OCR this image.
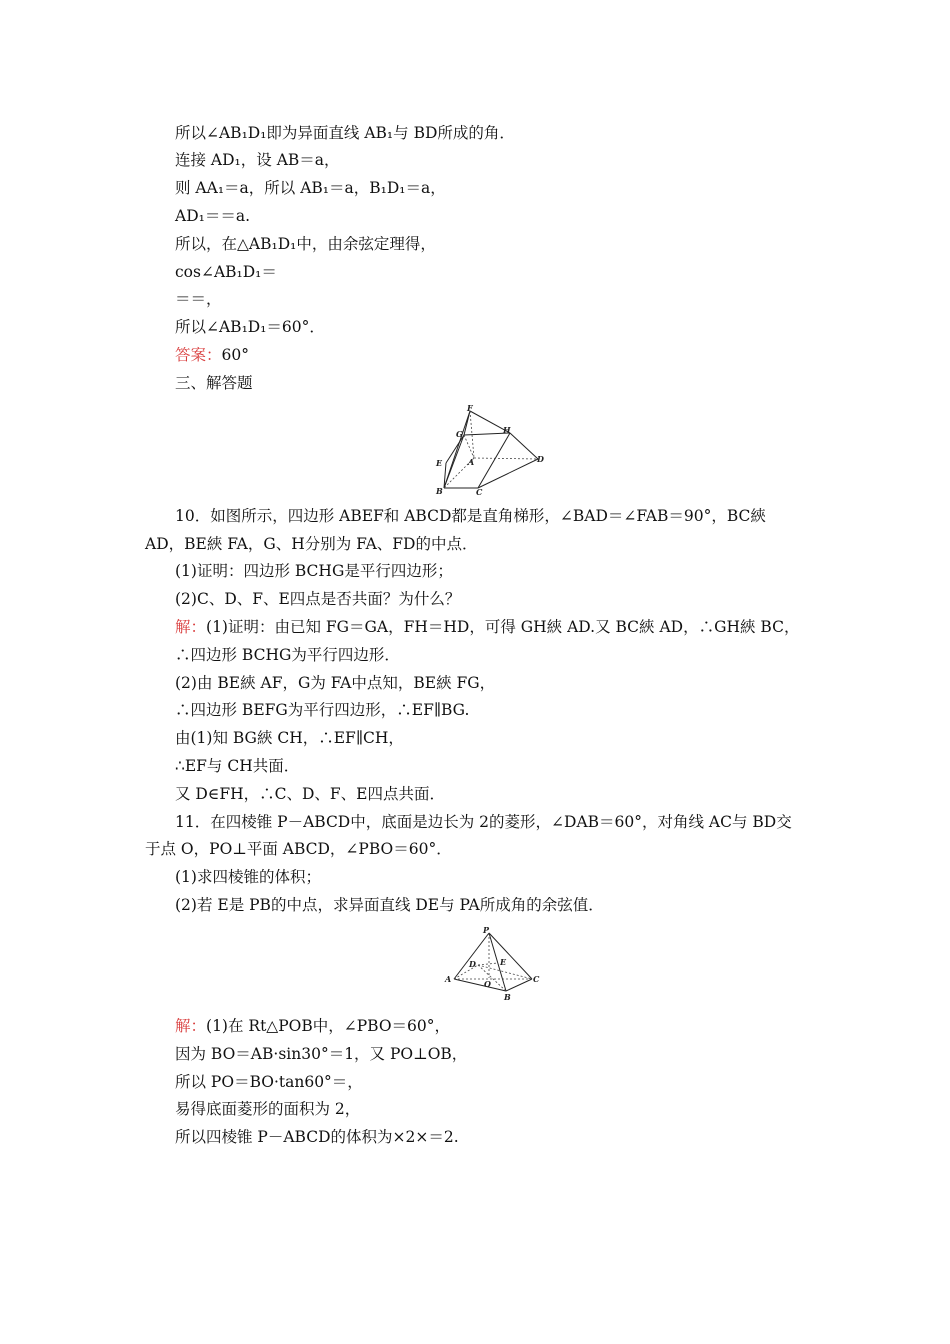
所以∠AB₁D₁即为异面直线 AB₁与 BD所成的角．
连接 AD₁，设 AB＝a，
则 AA₁＝a，所以 AB₁＝a，B₁D₁＝a，
AD₁＝＝a.
所以，在△AB₁D₁中，由余弦定理得，
cos∠AB₁D₁＝
＝＝，
所以∠AB₁D₁＝60°．
答案：60°
三、解答题
F
G	H
E	A	D
B	C
10．如图所示，四边形 ABEF和 ABCD都是直角梯形，∠BAD＝∠FAB＝90°，BC綊
AD，BE綊 FA，G、H分别为 FA、FD的中点．
(1)证明：四边形 BCHG是平行四边形；
(2)C、D、F、E四点是否共面？为什么？
解：(1)证明：由已知 FG＝GA，FH＝HD，可得 GH綊 AD.又 BC綊 AD，∴GH綊 BC，
∴四边形 BCHG为平行四边形．
(2)由 BE綊 AF，G为 FA中点知，BE綊 FG，
∴四边形 BEFG为平行四边形，∴EF∥BG.
由(1)知 BG綊 CH，∴EF∥CH，
∴EF与 CH共面．
又 D∈FH，∴C、D、F、E四点共面．
11．在四棱锥 P－ABCD中，底面是边长为 2的菱形，∠DAB＝60°，对角线 AC与 BD交
于点 O，PO⊥平面 ABCD，∠PBO＝60°．
(1)求四棱锥的体积；
(2)若 E是 PB的中点，求异面直线 DE与 PA所成角的余弦值．
P
D	E
A	O	C
B
解：(1)在 Rt△POB中，∠PBO＝60°，
因为 BO＝AB·sin30°＝1，又 PO⊥OB，
所以 PO＝BO·tan60°＝，
易得底面菱形的面积为 2，
所以四棱锥 P－ABCD的体积为×2×＝2.
